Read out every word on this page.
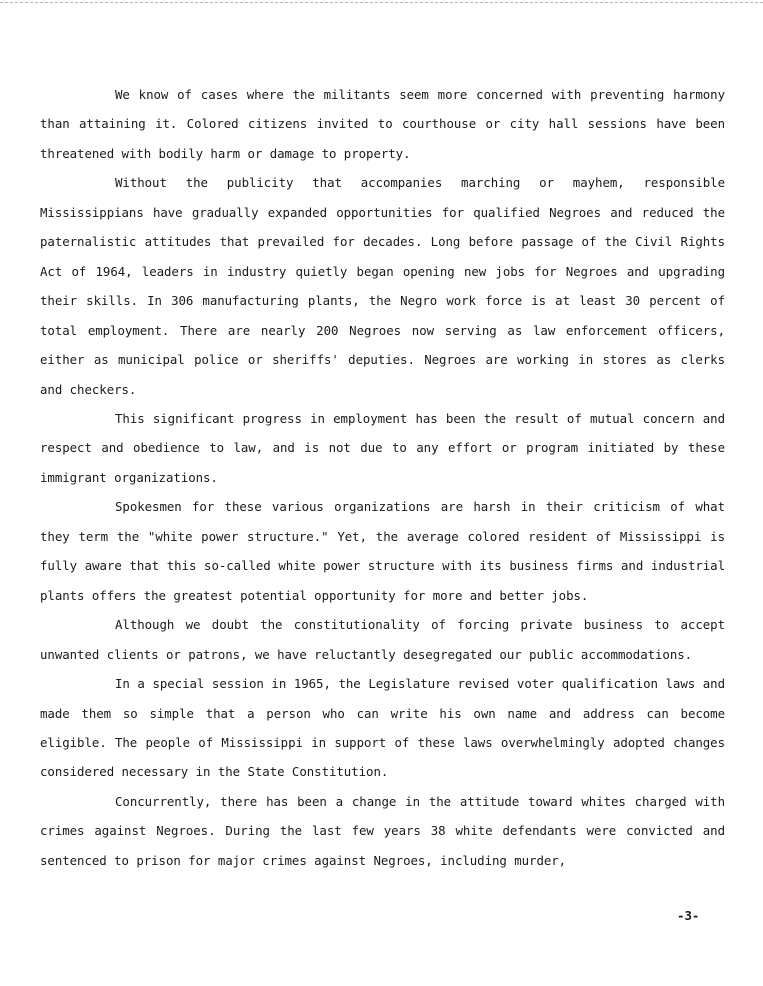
We know of cases where the militants seem more concerned with preventing harmony than attaining it. Colored citizens invited to courthouse or city hall sessions have been threatened with bodily harm or damage to property.

Without the publicity that accompanies marching or mayhem, responsible Mississippians have gradually expanded opportunities for qualified Negroes and reduced the paternalistic attitudes that prevailed for decades. Long before passage of the Civil Rights Act of 1964, leaders in industry quietly began opening new jobs for Negroes and upgrading their skills. In 306 manufacturing plants, the Negro work force is at least 30 percent of total employment. There are nearly 200 Negroes now serving as law enforcement officers, either as municipal police or sheriffs' deputies. Negroes are working in stores as clerks and checkers.

This significant progress in employment has been the result of mutual concern and respect and obedience to law, and is not due to any effort or program initiated by these immigrant organizations.

Spokesmen for these various organizations are harsh in their criticism of what they term the "white power structure." Yet, the average colored resident of Mississippi is fully aware that this so-called white power structure with its business firms and industrial plants offers the greatest potential opportunity for more and better jobs.

Although we doubt the constitutionality of forcing private business to accept unwanted clients or patrons, we have reluctantly desegregated our public accommodations.

In a special session in 1965, the Legislature revised voter qualification laws and made them so simple that a person who can write his own name and address can become eligible. The people of Mississippi in support of these laws overwhelmingly adopted changes considered necessary in the State Constitution.

Concurrently, there has been a change in the attitude toward whites charged with crimes against Negroes. During the last few years 38 white defendants were convicted and sentenced to prison for major crimes against Negroes, including murder,

-3-
